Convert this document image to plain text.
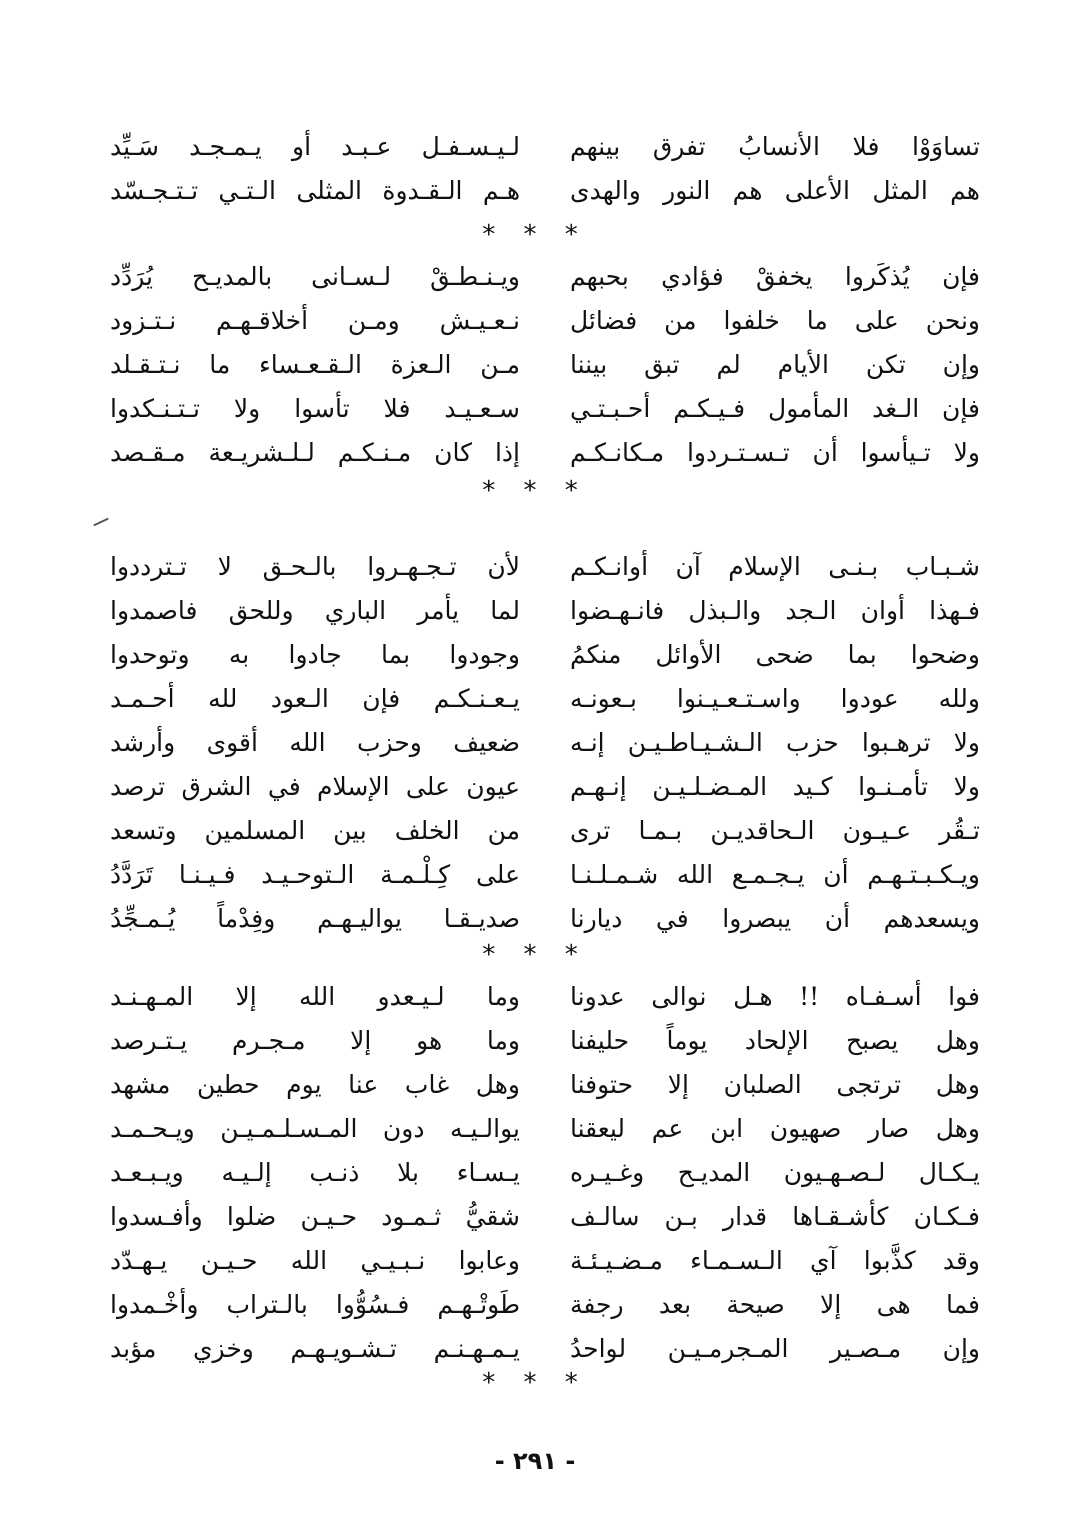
تساوَوْا فلا الأنسابُ تفرق بينهم
لـيـسـفـل عـبـد أو يـمـجـد سَـيِّد
هم المثل الأعلى هم النور والهدى
هـم الـقـدوة المثلى الـتـي تـتـجـسّد
* * *
فإن يُذكَروا يخفقْ فؤادي بحبهم
ويـنـطـقْ لـسـانى بالمديـح يُرَدِّد
ونحن على ما خلفوا من فضائل
نـعـيـش ومـن أخلاقـهـم نـتـزود
وإن تكن الأيام لم تبق بيننا
مـن الـعزة الـقـعـساء ما نـتـقـلد
فإن الـغد المأمول فـيـكـم أحـبـتـي
سـعـيـد فلا تأسوا ولا تـتـنـكدوا
ولا تـيأسوا أن تـسـتـردوا مـكانـكـم
إذا كان مـنـكـم لـلـشريـعة مـقـصد
* * *
شـبـاب بـنـى الإسلام آن أوانـكـم
لأن تـجـهـروا بالـحـق لا تـترددوا
فـهذا أوان الـجد والـبذل فانـهـضوا
لما يأمر الباري وللحق فاصمدوا
وضحوا بما ضحى الأوائل منكمُ
وجودوا بما جادوا به وتوحدوا
ولله عودوا واسـتـعـيـنوا بـعونـه
يـعـنـكـم فإن الـعود لله أحـمـد
ولا ترهـبوا حزب الـشـيـاطـيـن إنـه
ضعيف وحزب الله أقوى وأرشد
ولا تأمـنـوا كـيد المـضـلـيـن إنـهـم
عيون على الإسلام في الشرق ترصد
تـقُر عـيـون الـحاقديـن بـمـا ترى
من الخلف بين المسلمين وتسعد
ويـكـبـتـهـم أن يـجـمـع الله شـمـلـنـا
على كِـلْـمـة الـتوحـيـد فـيـنـا تَرَدَّدُ
ويسعدهم أن يبصروا في ديارنا
صديـقـا يواليـهـم وفِدْماً يُـمـجِّدُ
* * *
فوا أسـفـاه !! هـل نوالى عدونا
وما لـيـعدو الله إلا المـهـنـد
وهل يصبح الإلحاد يوماً حليفنا
وما هو إلا مـجـرم يـتـرصد
وهل ترتجى الصلبان إلا حتوفنا
وهل غاب عنا يوم حطين مشهد
وهل صار صهيون ابن عم ليعقنا
يوالـيـه دون المـسـلـمـيـن ويـحـمـد
يـكـال لـصـهـيون المديـح وغـيـره
يـسـاء بلا ذنـب إلـيـه ويـبـعـد
فـكـان كأشـقـاها قدار بـن سالـف
شقيُّ ثـمـود حـيـن ضلوا وأفـسدوا
وقد كذَّبوا آي الـسـمـاء مـضـيـئـة
وعابوا نـبـيـي الله حـيـن يـهـدّد
فما هى إلا صيحة بعد رجفة
طَوتْـهـم فـسُوُّوا بالـتراب وأخْـمدوا
وإن مـصـير المـجرمـيـن لواحدُ
يـمـهـنـم تـشـويـهـم وخزي مؤبد
* * *
- ٢٩١ -
